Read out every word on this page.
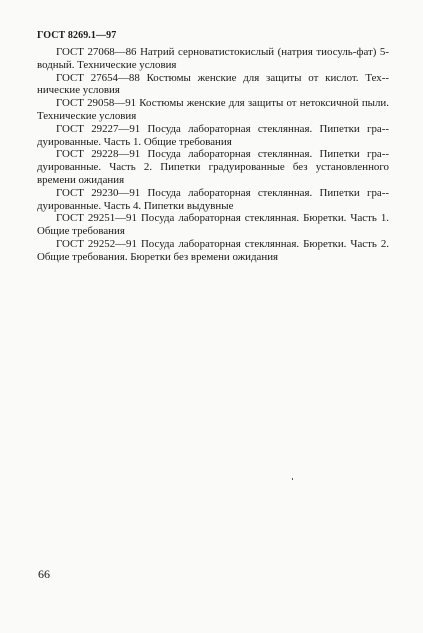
ГОСТ 8269.1—97

ГОСТ 27068—86 Натрий серноватистокислый (натрия тиосуль-фат) 5-водный. Технические условия

ГОСТ 27654—88 Костюмы женские для защиты от кислот. Тех-нические условия

ГОСТ 29058—91 Костюмы женские для защиты от нетоксичной пыли. Технические условия

ГОСТ 29227—91 Посуда лабораторная стеклянная. Пипетки гра-дуированные. Часть 1. Общие требования

ГОСТ 29228—91 Посуда лабораторная стеклянная. Пипетки гра-дуированные. Часть 2. Пипетки градуированные без установленного времени ожидания

ГОСТ 29230—91 Посуда лабораторная стеклянная. Пипетки гра-дуированные. Часть 4. Пипетки выдувные

ГОСТ 29251—91 Посуда лабораторная стеклянная. Бюретки. Часть 1. Общие требования

ГОСТ 29252—91 Посуда лабораторная стеклянная. Бюретки. Часть 2. Общие требования. Бюретки без времени ожидания

66
